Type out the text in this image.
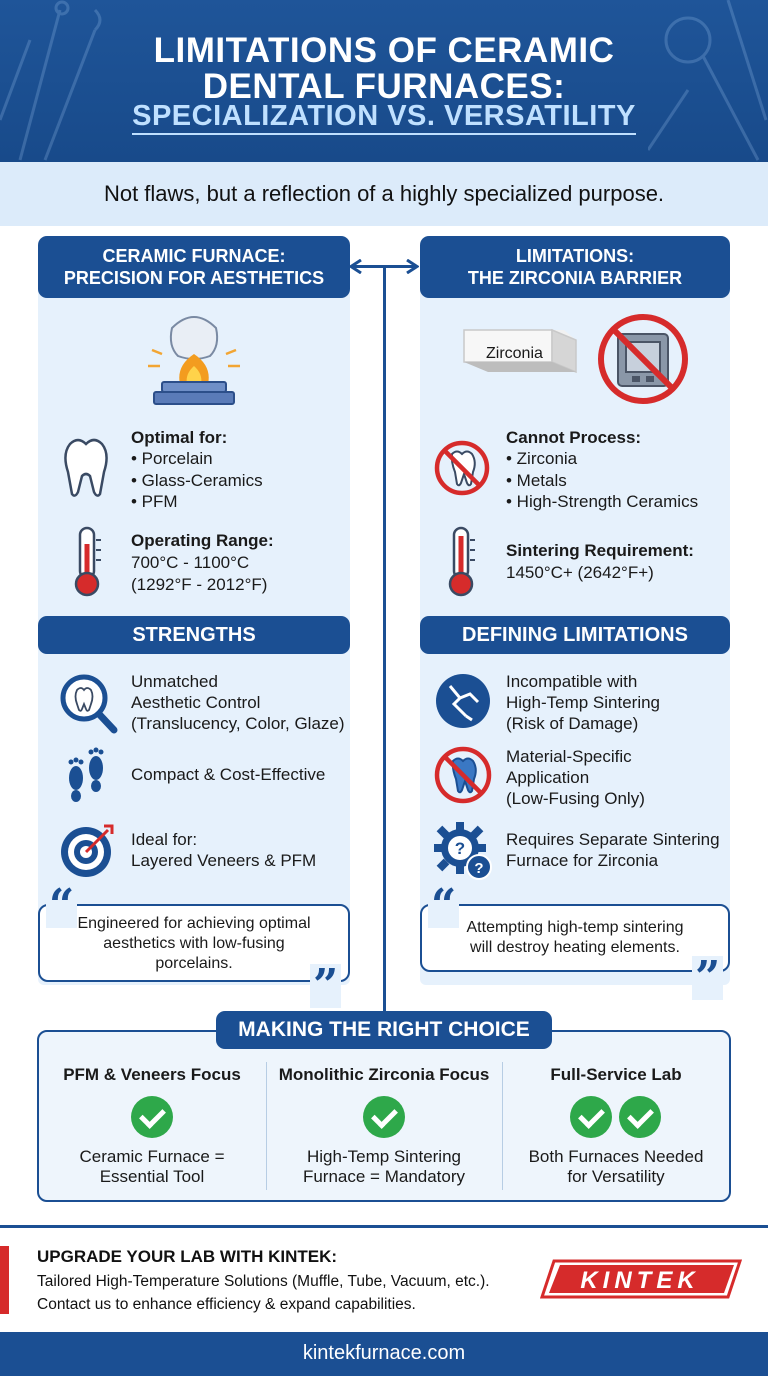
LIMITATIONS OF CERAMIC
DENTAL FURNACES:
SPECIALIZATION VS. VERSATILITY
Not flaws, but a reflection of a highly specialized purpose.
CERAMIC FURNACE:
PRECISION FOR AESTHETICS
Optimal for:
• Porcelain
• Glass-Ceramics
• PFM
Operating Range:
700°C - 1100°C
(1292°F - 2012°F)
STRENGTHS
Unmatched
Aesthetic Control
(Translucency, Color, Glaze)
Compact & Cost-Effective
Ideal for:
Layered Veneers & PFM
“ Engineered for achieving optimal
aesthetics with low-fusing
porcelains.	”
LIMITATIONS:
THE ZIRCONIA BARRIER
Zirconia
Cannot Process:
• Zirconia
• Metals
• High-Strength Ceramics
Sintering Requirement:
1450°C+ (2642°F+)
DEFINING LIMITATIONS
Incompatible with
High-Temp Sintering
(Risk of Damage)
Material-Specific
Application
(Low-Fusing Only)
?
?
Requires Separate Sintering
Furnace for Zirconia
“ Attempting high-temp sintering
will destroy heating elements.
”
MAKING THE RIGHT CHOICE
PFM & Veneers Focus
Ceramic Furnace =
Essential Tool
Monolithic Zirconia Focus
High-Temp Sintering
Furnace = Mandatory
Full-Service Lab
Both Furnaces Needed
for Versatility
UPGRADE YOUR LAB WITH KINTEK:
Tailored High-Temperature Solutions (Muffle, Tube, Vacuum, etc.).
Contact us to enhance efficiency & expand capabilities.
KINTEK
kintekfurnace.com
